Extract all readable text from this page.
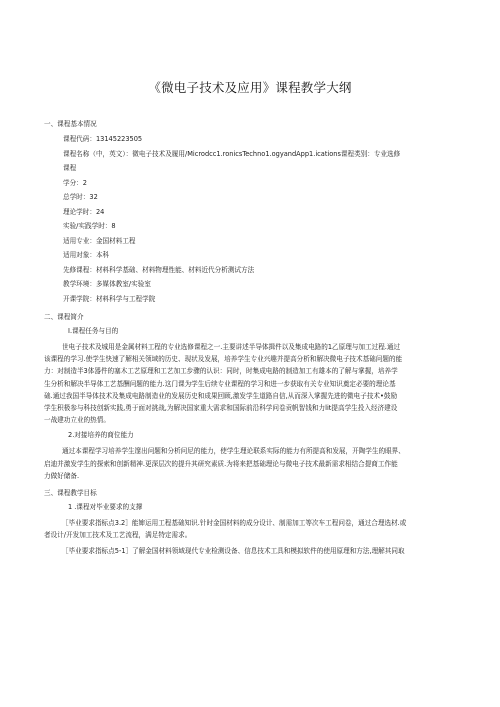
《微电子技术及应用》课程教学大纲

一、课程基本情况

课程代码：13145223505

课程名称（中，英文）：微电子技术及履用/Microdcc1.ronicsTechno1.ogyandApp1.ications课程类别：专业选修

课程

学分：2

总学时：32

理论学时：24

实验/实践学时：8

适用专业：金国材料工程

适用对象：本科

先修课程：材料科学基础、材料物理性能、材料近代分析测试方法

教学环境：多媒体教室/实验室

开课学院：材料科学与工程学院

二、课程简介

I.课程任务与目的

世电子技术及城用是金属材料工程的专业选修课程之一.主要讲述半导体揖件以及集成电路的1乙原理与加工过程.通过

该课程的学习.使学生快速了解相关领域的历史、现状及发展，培养学生专业兴趣并提高分析和解决微电子技术基础问题的能

力：对制造半3体器件的塞木工艺原理和工艺加工步骤的认识：同时，时集成电路的制造加工有雄本的了解与掌握，培养学

生分析和解决半导体工艺基酬问题的能力.这门课为学生后续专业课程的学习和进一步获取有关专业知识奠定必要的理论基

础.通过我国半导体技术及集成电路制造业的发展历史和成果回顾,激发学生道路自信,从而深入掌握先进的微电子技术•鼓励

学生积极参与科技创新实践,勇于面对挑战,为解决国家重大需求和国际前沿科学问卷贡帆智钱和力lit提高学生投入经济建设

一战建功立业的热情。

2.对接培养的商位能力

通过本课程学习培养学生邃出问题和分析问尼的能力，使学生理论联系实际的能力有所提高和发展，开陶学生的眼界、

启迪并激发学生的探索和创新精神.更深层次的提升其研究素质.为将来把基础理论与微电子技术最新需求相结合提商工作能

力做好储备.

三、课程教学目标

1 .课程对毕业要求的支撑

［毕业要求指标点3.2］能婶运用工程基础知识.针时金国材料的成分设计、制需加工等次车工程问卷，通过合理选材.或

者设计/开发加工技术及工艺流程，满足特定需求。

［毕业要求指标点5-1］了解金国材料领域现代专业检测设备、信息技术工具和模拟软件的使用原理和方法,理解其同取
